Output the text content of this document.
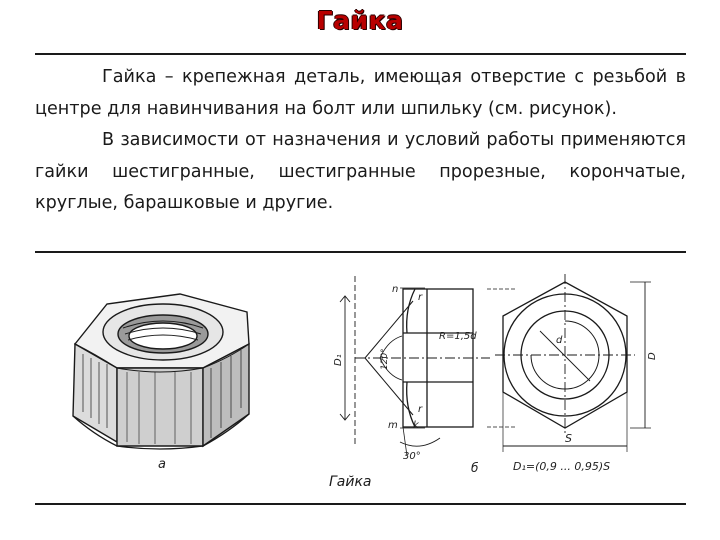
Гайка

Гайка – крепежная деталь, имеющая отверстие с резьбой в центре для навинчивания на болт или шпильку (см. рисунок).

В зависимости от назначения и условий работы применяются гайки шестигранные, шестигранные прорезные, корончатые, круглые, барашковые и другие.

а
n
r
R=1,5d
D₁	120°
r
m k
30°
d
D
S
б	D₁=(0,9 ... 0,95)S
Гайка
